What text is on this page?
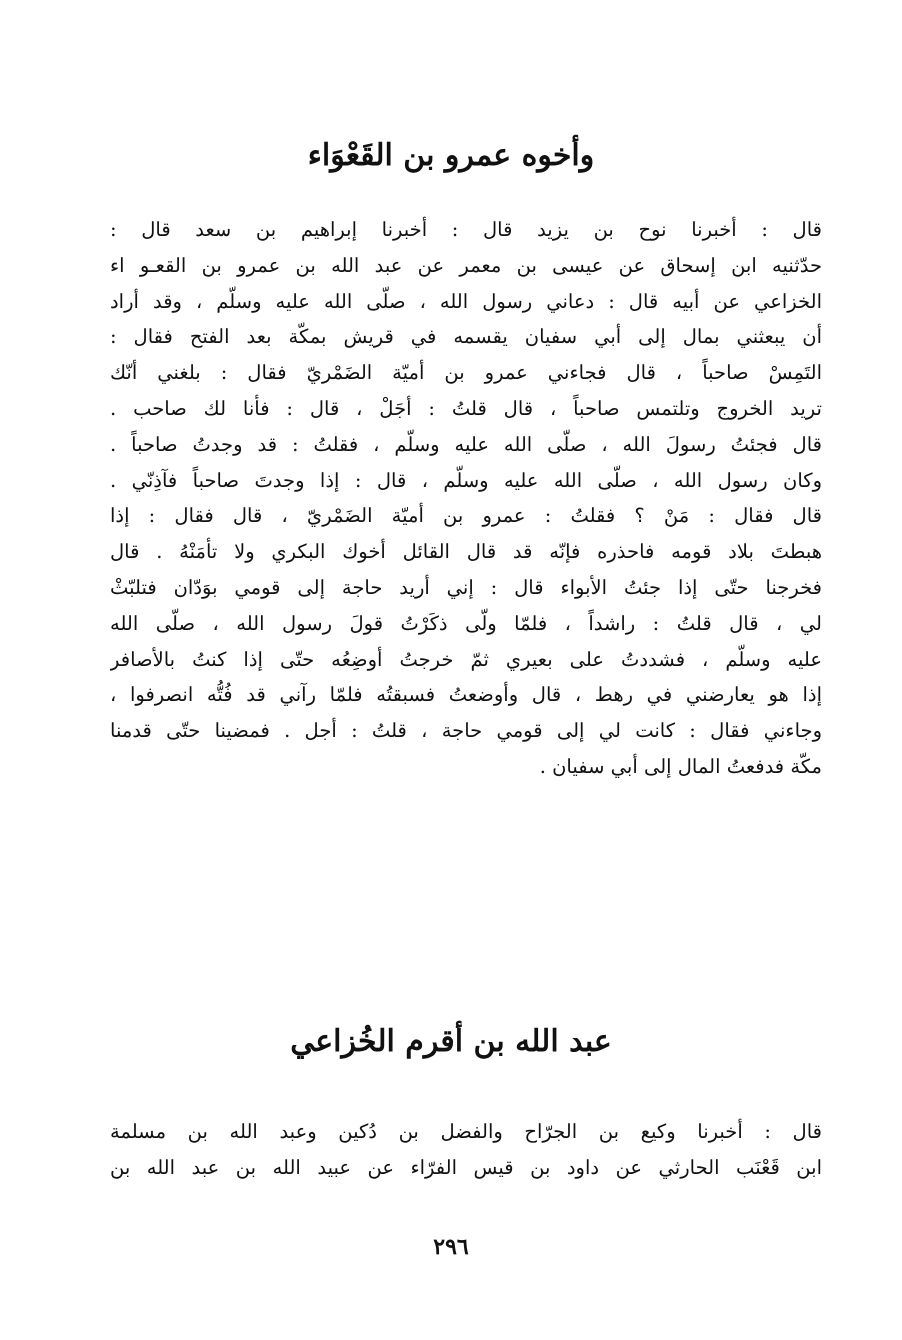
وأخوه عمرو بن القَعْوَاء
قال : أخبرنا نوح بن يزيد قال : أخبرنا إبراهيم بن سعد قال :
حدّثنيه ابن إسحاق عن عيسى بن معمر عن عبد الله بن عمرو بن القعـو اء
الخزاعي عن أبيه قال : دعاني رسول الله ، صلّى الله عليه وسلّم ، وقد أراد
أن يبعثني بمال إلى أبي سفيان يقسمه في قريش بمكّة بعد الفتح فقال :
التَمِسْ صاحباً ، قال فجاءني عمرو بن أميّة الضَمْريّ فقال : بلغني أنّك
تريد الخروج وتلتمس صاحباً ، قال قلتُ : أجَلْ ، قال : فأنا لك صاحب .
قال فجئتُ رسولَ الله ، صلّى الله عليه وسلّم ، فقلتُ : قد وجدتُ صاحباً .
وكان رسول الله ، صلّى الله عليه وسلّم ، قال : إذا وجدتَ صاحباً فآذِنّي .
قال فقال : مَنْ ؟ فقلتُ : عمرو بن أميّة الضَمْريّ ، قال فقال : إذا
هبطتَ بلاد قومه فاحذره فإنّه قد قال القائل أخوك البكري ولا تأمَنْهُ . قال
فخرجنا حتّى إذا جئتُ الأبواء قال : إني أريد حاجة إلى قومي بوَدّان فتلبّثْ
لي ، قال قلتُ : راشداً ، فلمّا ولّى ذكَرْتُ قولَ رسول الله ، صلّى الله
عليه وسلّم ، فشددتُ على بعيري ثمّ خرجتُ أوضِعُه حتّى إذا كنتُ بالأصافر
إذا هو يعارضني في رهط ، قال وأوضعتُ فسبقتُه فلمّا رآني قد فُتُّه انصرفوا ،
وجاءني فقال : كانت لي إلى قومي حاجة ، قلتُ : أجل . فمضينا حتّى قدمنا
مكّة فدفعتُ المال إلى أبي سفيان .
عبد الله بن أقرم الخُزاعي
قال : أخبرنا وكيع بن الجرّاح والفضل بن دُكين وعبد الله بن مسلمة
ابن قَعْنَب الحارثي عن داود بن قيس الفرّاء عن عبيد الله بن عبد الله بن
٢٩٦
